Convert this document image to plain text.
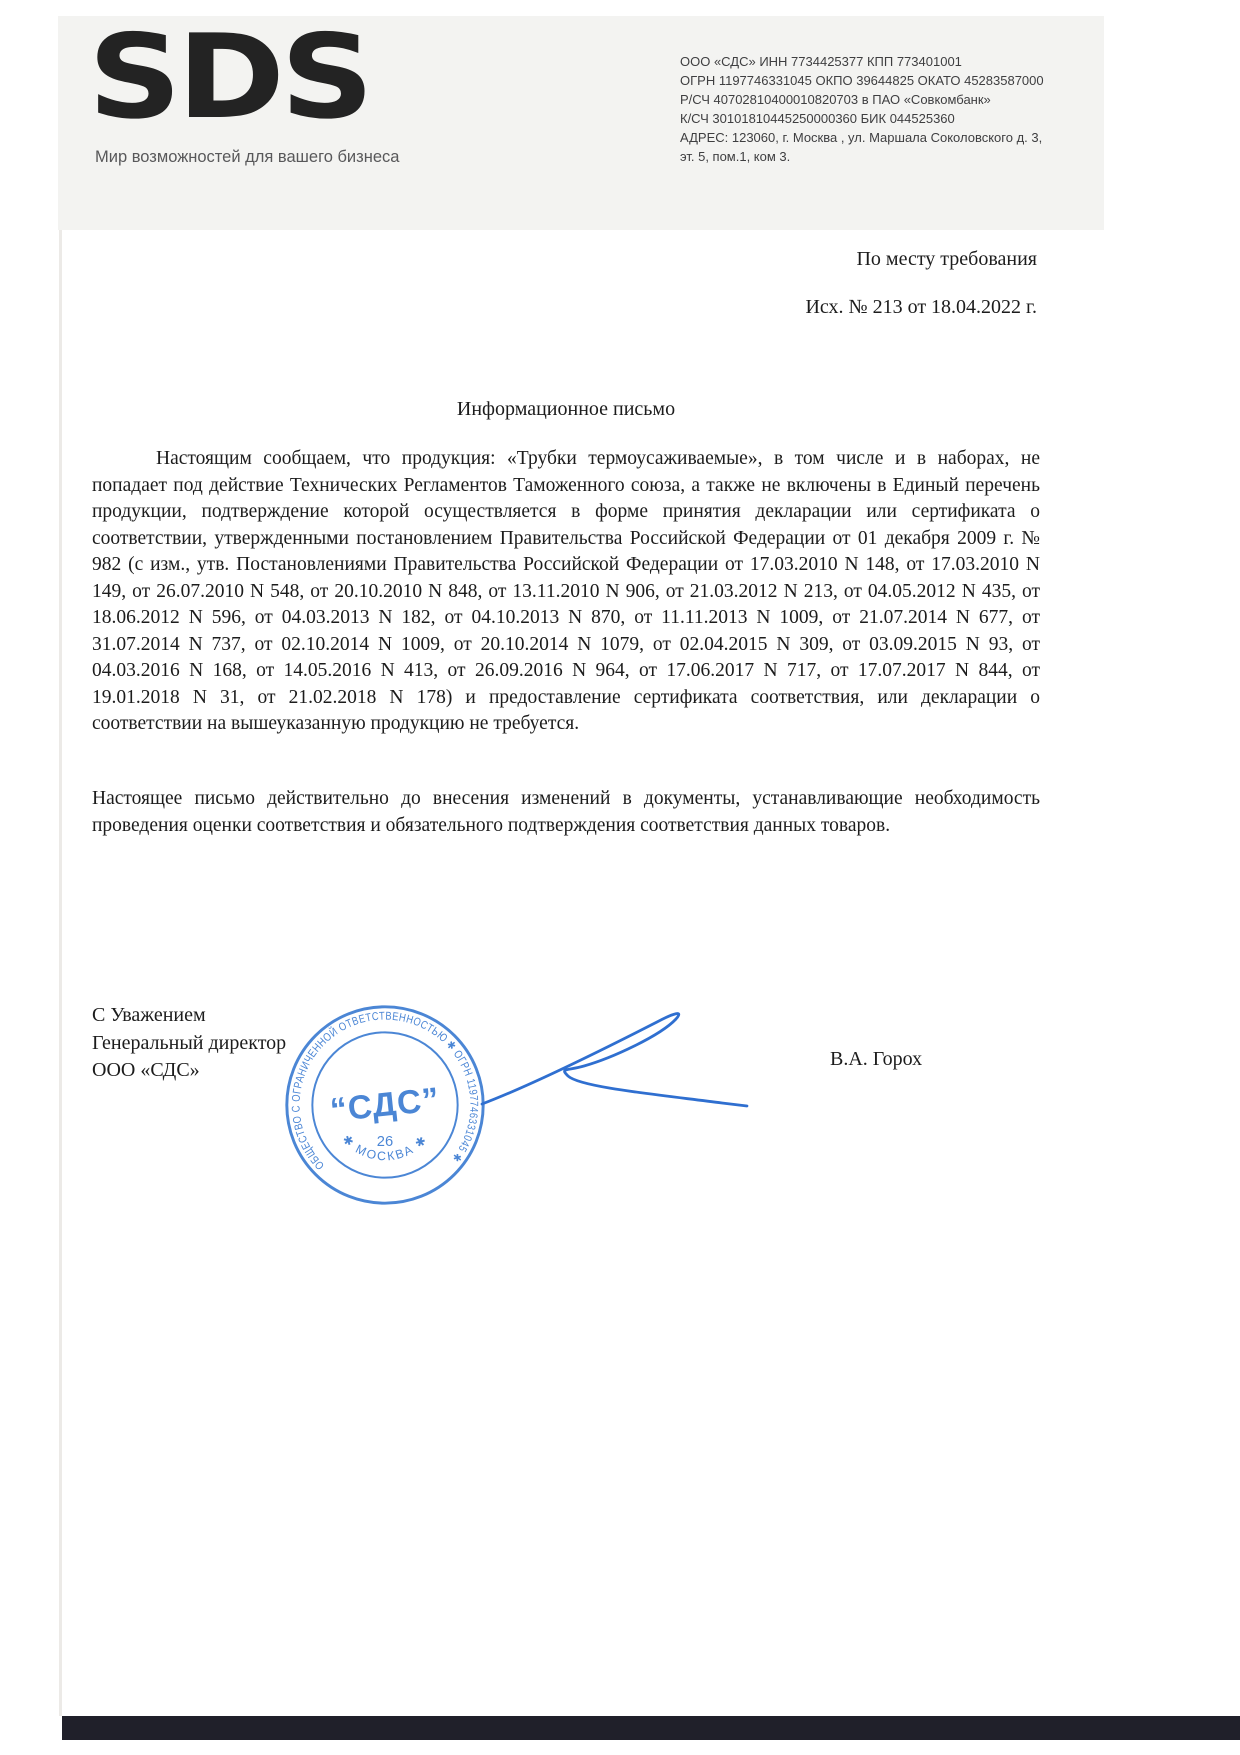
SDS
Мир возможностей для вашего бизнеса
ООО «СДС» ИНН 7734425377 КПП 773401001
ОГРН 1197746331045 ОКПО 39644825 ОКАТО 45283587000
Р/СЧ 40702810400010820703 в ПАО «Совкомбанк»
К/СЧ 30101810445250000360 БИК 044525360
АДРЕС: 123060, г. Москва , ул. Маршала Соколовского д. 3,
эт. 5, пом.1, ком 3.
По месту требования
Исх. № 213 от 18.04.2022 г.
Информационное письмо
Настоящим сообщаем, что продукция: «Трубки термоусаживаемые», в том числе и в наборах, не попадает под действие Технических Регламентов Таможенного союза, а также не включены в Единый перечень продукции, подтверждение которой осуществляется в форме принятия декларации или сертификата о соответствии, утвержденными постановлением Правительства Российской Федерации от 01 декабря 2009 г. № 982 (с изм., утв. Постановлениями Правительства Российской Федерации от 17.03.2010 N 148, от 17.03.2010 N 149, от 26.07.2010 N 548, от 20.10.2010 N 848, от 13.11.2010 N 906, от 21.03.2012 N 213, от 04.05.2012 N 435, от 18.06.2012 N 596, от 04.03.2013 N 182, от 04.10.2013 N 870, от 11.11.2013 N 1009, от 21.07.2014 N 677, от 31.07.2014 N 737, от 02.10.2014 N 1009, от 20.10.2014 N 1079, от 02.04.2015 N 309, от 03.09.2015 N 93, от 04.03.2016 N 168, от 14.05.2016 N 413, от 26.09.2016 N 964, от 17.06.2017 N 717, от 17.07.2017 N 844, от 19.01.2018 N 31, от 21.02.2018 N 178) и предоставление сертификата соответствия, или декларации о соответствии на вышеуказанную продукцию не требуется.
Настоящее письмо действительно до внесения изменений в документы, устанавливающие необходимость проведения оценки соответствия и обязательного подтверждения соответствия данных товаров.
С Уважением
Генеральный директор
ООО «СДС»	В.А. Горох
ОБЩЕСТВО С ОГРАНИЧЕННОЙ ОТВЕТСТВЕННОСТЬЮ ✱ ОГРН 1197746331045 ✱
“СДС”
26
✱ МОСКВА ✱
